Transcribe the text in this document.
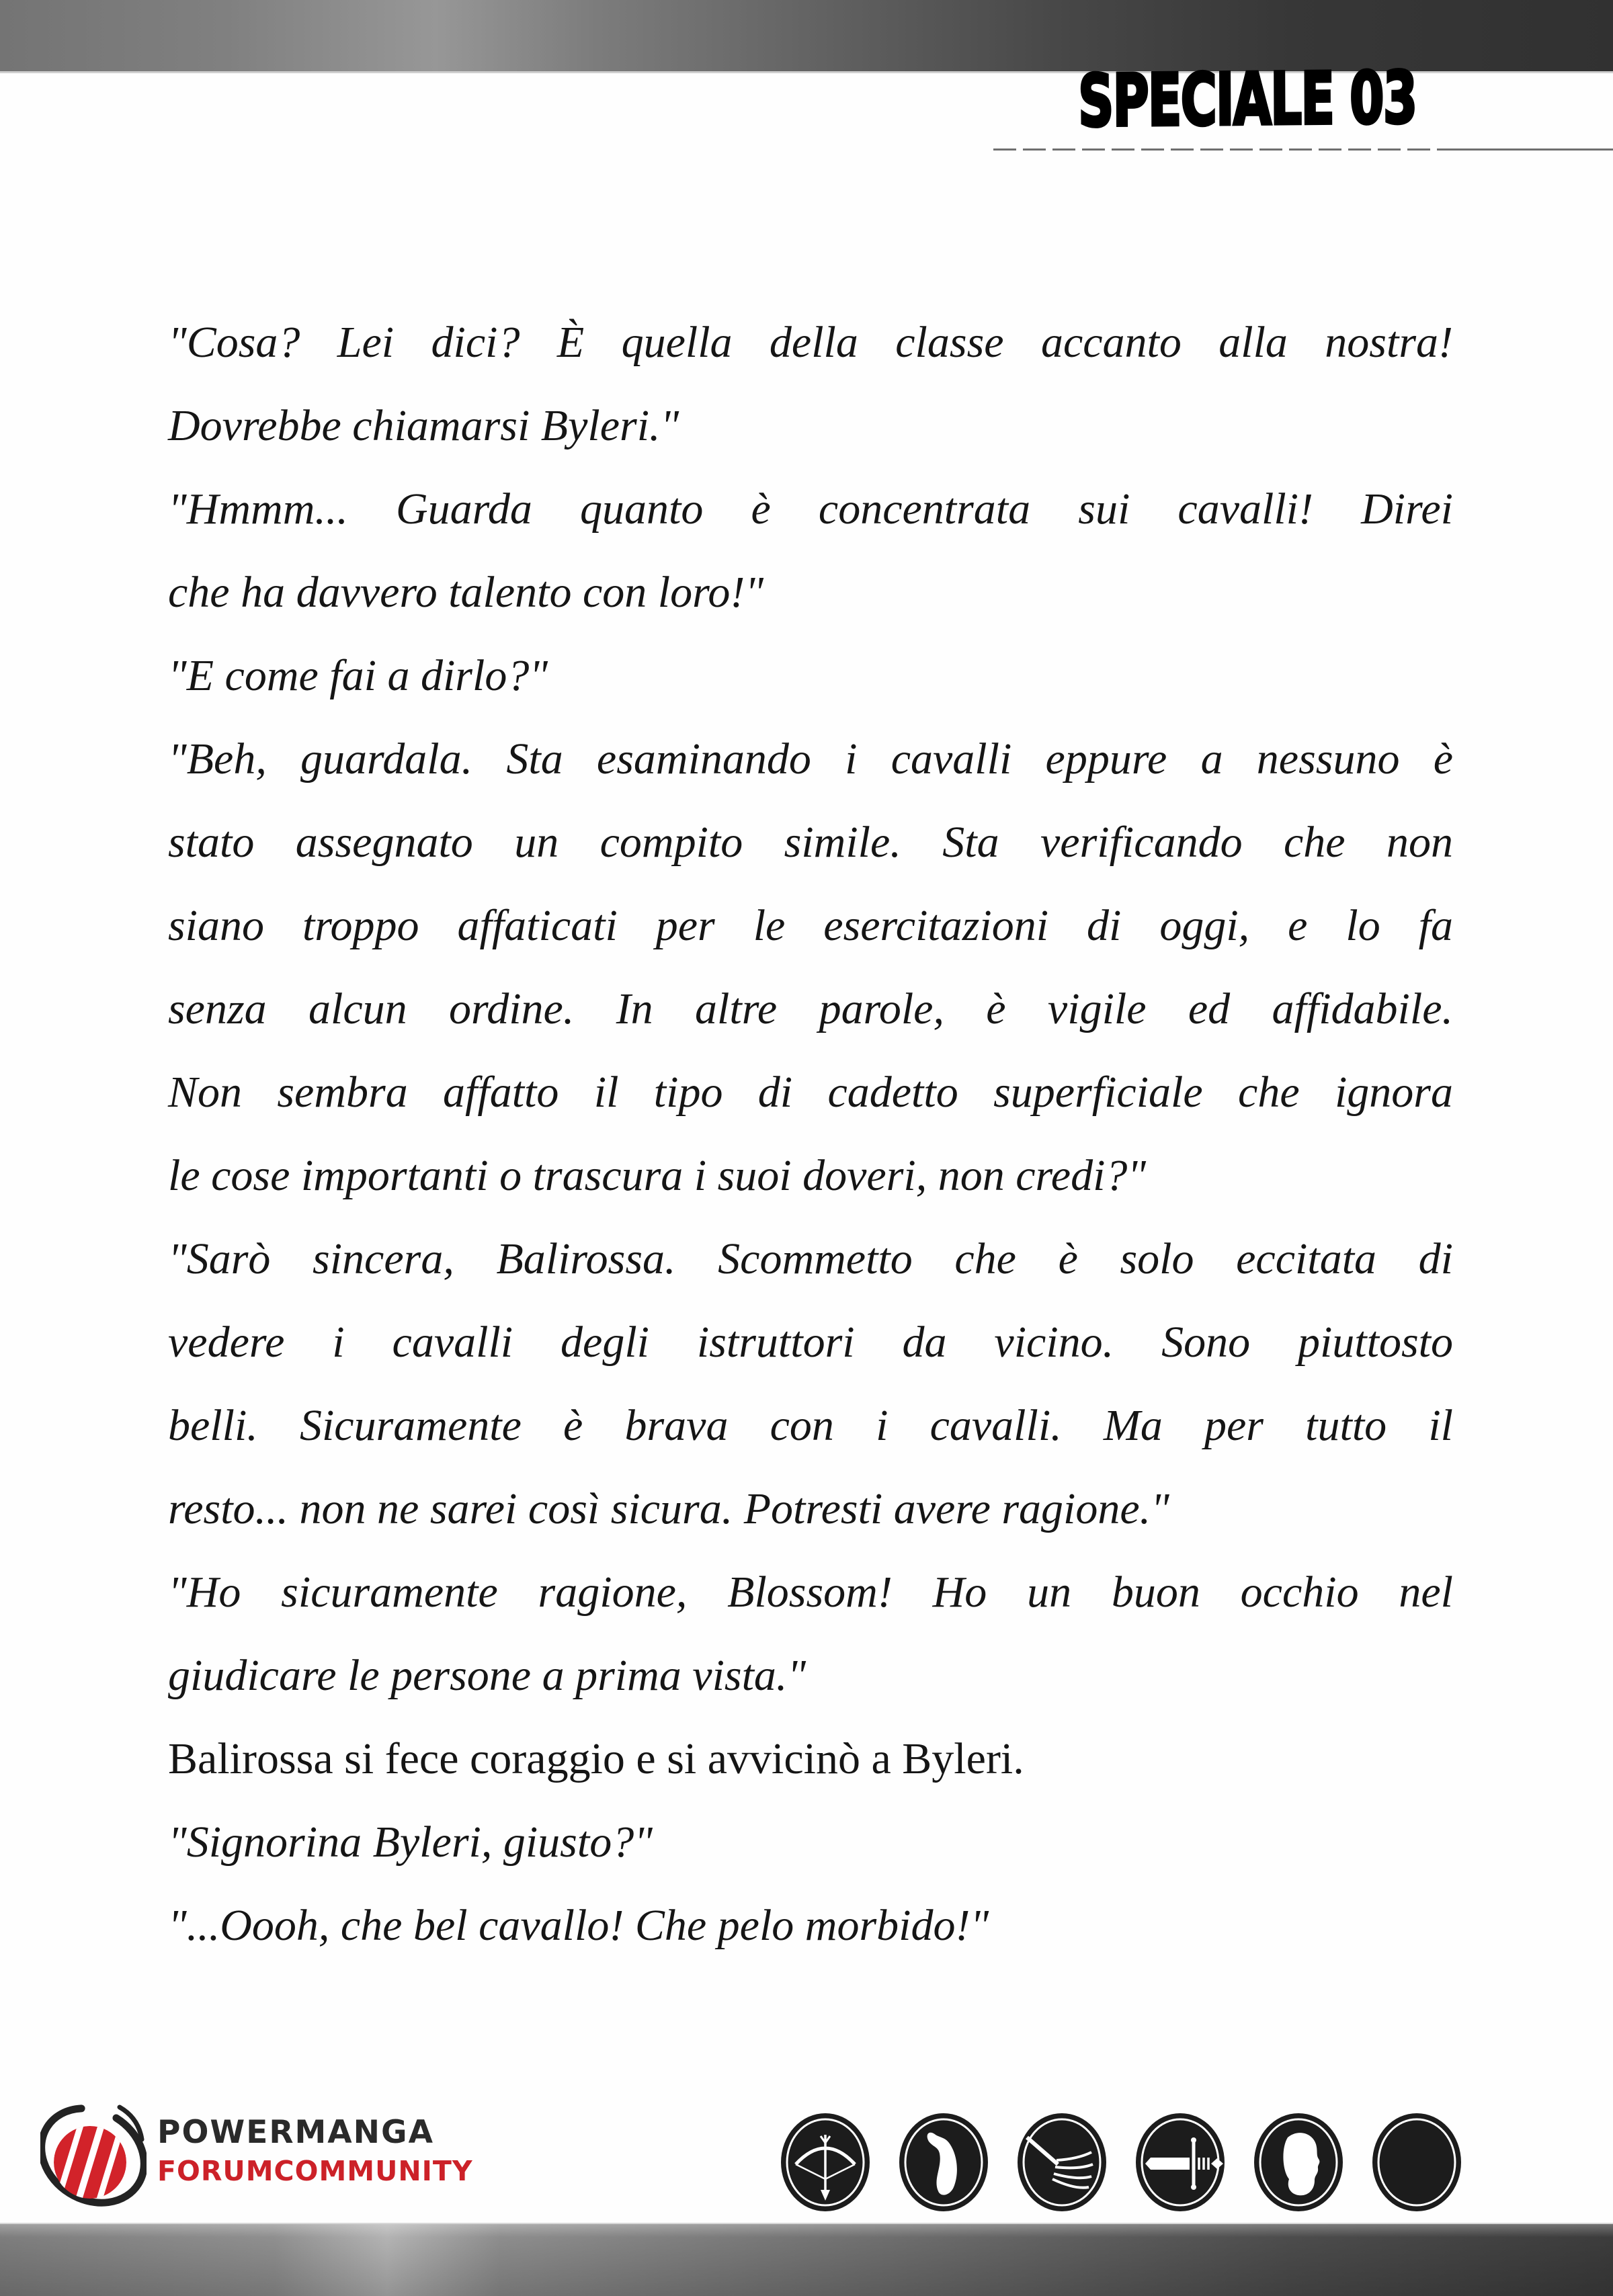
SPECIALE 03
"Cosa? Lei dici? È quella della classe accanto alla nostra!
Dovrebbe chiamarsi Byleri."
"Hmmm... Guarda quanto è concentrata sui cavalli! Direi
che ha davvero talento con loro!"
"E come fai a dirlo?"
"Beh, guardala. Sta esaminando i cavalli eppure a nessuno è
stato assegnato un compito simile. Sta verificando che non
siano troppo affaticati per le esercitazioni di oggi, e lo fa
senza alcun ordine. In altre parole, è vigile ed affidabile.
Non sembra affatto il tipo di cadetto superficiale che ignora
le cose importanti o trascura i suoi doveri, non credi?"
"Sarò sincera, Balirossa. Scommetto che è solo eccitata di
vedere i cavalli degli istruttori da vicino. Sono piuttosto
belli. Sicuramente è brava con i cavalli. Ma per tutto il
resto... non ne sarei così sicura. Potresti avere ragione."
"Ho sicuramente ragione, Blossom! Ho un buon occhio nel
giudicare le persone a prima vista."
Balirossa si fece coraggio e si avvicinò a Byleri.
"Signorina Byleri, giusto?"
"...Oooh, che bel cavallo! Che pelo morbido!"
POWERMANGA
FORUMCOMMUNITY
